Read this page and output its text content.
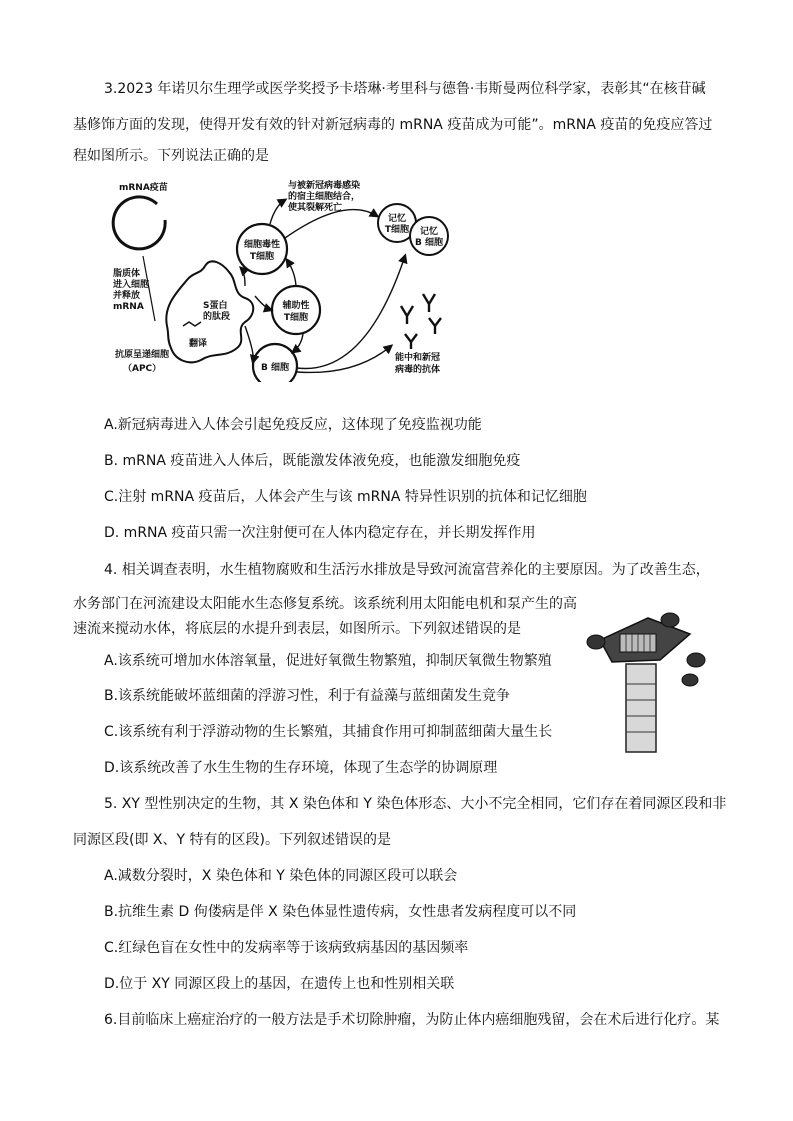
3.2023 年诺贝尔生理学或医学奖授予卡塔琳·考里科与德鲁·韦斯曼两位科学家，表彰其“在核苷碱
基修饰方面的发现，使得开发有效的针对新冠病毒的 mRNA 疫苗成为可能”。mRNA 疫苗的免疫应答过
程如图所示。下列说法正确的是
mRNA疫苗
脂质体
进入细胞
并释放
mRNA	S蛋白
的肽段
翻译
抗原呈递细胞
（APC）
细胞毒性
T细胞
辅助性
T细胞
B 细胞
记忆
T细胞 记忆
B 细胞
与被新冠病毒感染
的宿主细胞结合，
使其裂解死亡
能中和新冠
病毒的抗体
A.新冠病毒进入人体会引起免疫反应，这体现了免疫监视功能
B. mRNA 疫苗进入人体后，既能激发体液免疫，也能激发细胞免疫
C.注射 mRNA 疫苗后，人体会产生与该 mRNA 特异性识别的抗体和记忆细胞
D. mRNA 疫苗只需一次注射便可在人体内稳定存在，并长期发挥作用
4. 相关调查表明，水生植物腐败和生活污水排放是导致河流富营养化的主要原因。为了改善生态，
水务部门在河流建设太阳能水生态修复系统。该系统利用太阳能电机和泵产生的高
速流来搅动水体，将底层的水提升到表层，如图所示。下列叙述错误的是
A.该系统可增加水体溶氧量，促进好氧微生物繁殖，抑制厌氧微生物繁殖
B.该系统能破坏蓝细菌的浮游习性，利于有益藻与蓝细菌发生竞争
C.该系统有利于浮游动物的生长繁殖，其捕食作用可抑制蓝细菌大量生长
D.该系统改善了水生生物的生存环境，体现了生态学的协调原理
5. XY 型性别决定的生物，其 X 染色体和 Y 染色体形态、大小不完全相同，它们存在着同源区段和非
同源区段(即 X、Y 特有的区段)。下列叙述错误的是
A.减数分裂时，X 染色体和 Y 染色体的同源区段可以联会
B.抗维生素 D 佝偻病是伴 X 染色体显性遗传病，女性患者发病程度可以不同
C.红绿色盲在女性中的发病率等于该病致病基因的基因频率
D.位于 XY 同源区段上的基因，在遗传上也和性别相关联
6.目前临床上癌症治疗的一般方法是手术切除肿瘤，为防止体内癌细胞残留，会在术后进行化疗。某
